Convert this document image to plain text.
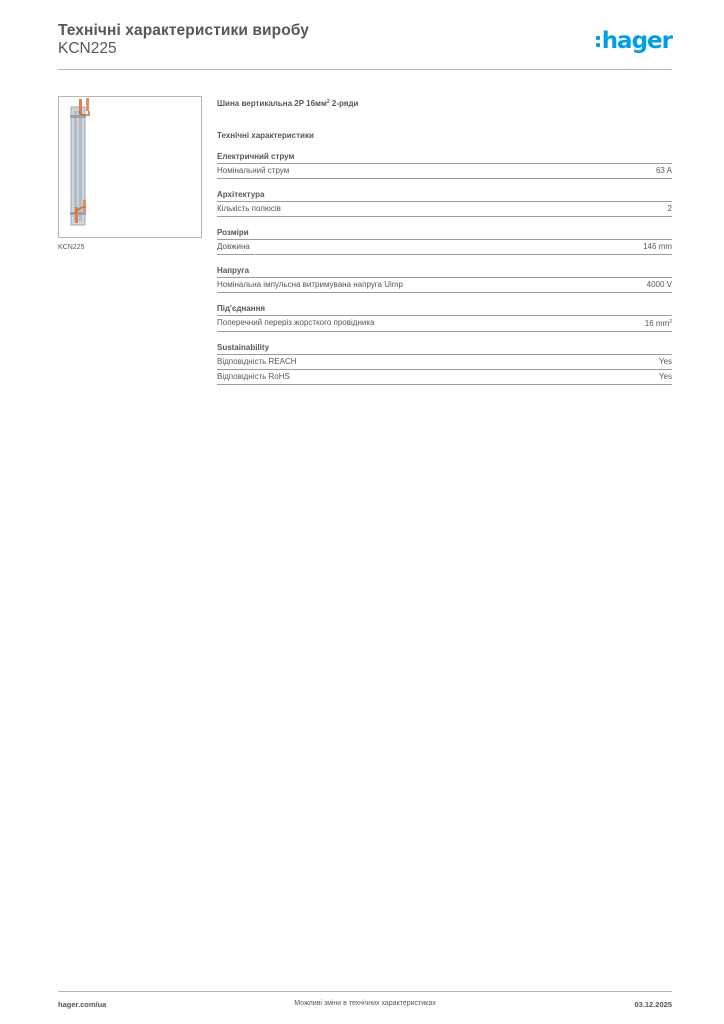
Технічні характеристики виробу
KCN225	hager
KCN225
Шина вертикальна 2P $16мм^2$ 2-ряди
Технічні характеристики
Електричний струм
Номінальний струм	63 A
Архітектура
Кількість полюсів	2
Розміри
Довжина	146 mm
Напруга
Номінальна імпульсна витримувана напруга Uimp	4000 V
Під'єднання
Поперечний переріз жорсткого провідника	16 $mm^2$
Sustainability
Відповідність REACH	Yes
Відповідність RoHS	Yes
hager.com/ua	Можливі зміни в технічних характеристиках	03.12.2025
